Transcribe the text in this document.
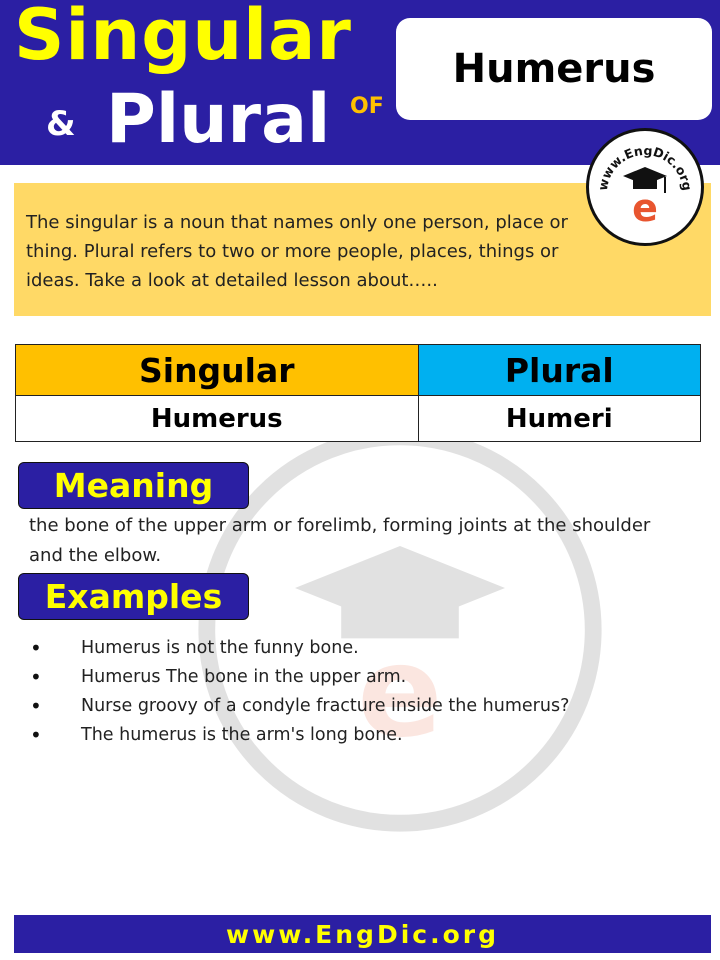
Singular
& Plural OF
Humerus
e

The singular is a noun that names only one person, place or thing. Plural refers to two or more people, places, things or ideas. Take a look at detailed lesson about…..

www.EngDic.org
e
Singular	Plural
Humerus	Humeri
Meaning
the bone of the upper arm or forelimb, forming joints at the shoulder and the elbow.
Examples
• Humerus is not the funny bone.
• Humerus The bone in the upper arm.
• Nurse groovy of a condyle fracture inside the humerus?
• The humerus is the arm's long bone.
www.EngDic.org
